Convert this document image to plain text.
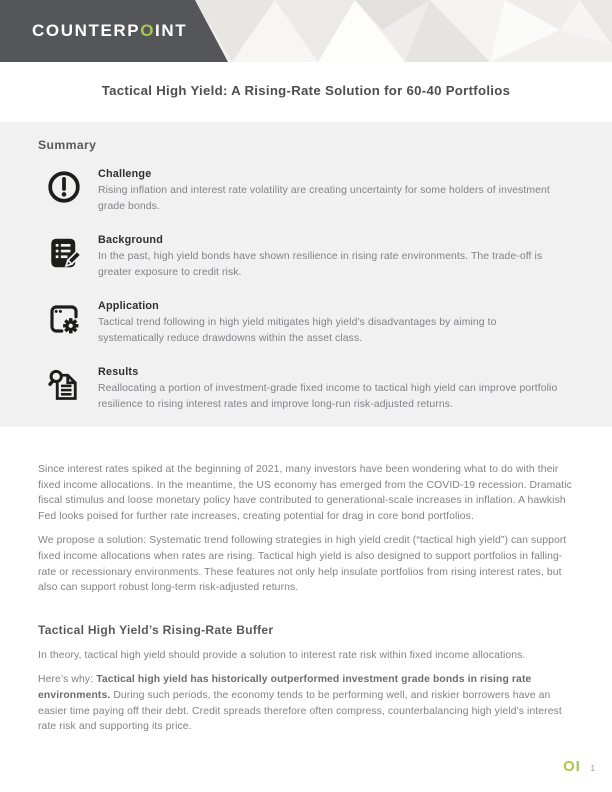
COUNTERPOINT
Tactical High Yield: A Rising-Rate Solution for 60-40 Portfolios
Summary
Challenge

Rising inflation and interest rate volatility are creating uncertainty for some holders of investment grade bonds.

Background

In the past, high yield bonds have shown resilience in rising rate environments. The trade-off is greater exposure to credit risk.

Application

Tactical trend following in high yield mitigates high yield’s disadvantages by aiming to systematically reduce drawdowns within the asset class.

Results

Reallocating a portion of investment-grade fixed income to tactical high yield can improve portfolio resilience to rising interest rates and improve long-run risk-adjusted returns.

Since interest rates spiked at the beginning of 2021, many investors have been wondering what to do with their fixed income allocations. In the meantime, the US economy has emerged from the COVID-19 recession. Dramatic fiscal stimulus and loose monetary policy have contributed to generational-scale increases in inflation. A hawkish Fed looks poised for further rate increases, creating potential for drag in core bond portfolios.

We propose a solution: Systematic trend following strategies in high yield credit (“tactical high yield”) can support fixed income allocations when rates are rising. Tactical high yield is also designed to support portfolios in falling-rate or recessionary environments. These features not only help insulate portfolios from rising interest rates, but also can support robust long-term risk-adjusted returns.

Tactical High Yield’s Rising-Rate Buffer

In theory, tactical high yield should provide a solution to interest rate risk within fixed income allocations.

Here’s why: Tactical high yield has historically outperformed investment grade bonds in rising rate environments. During such periods, the economy tends to be performing well, and riskier borrowers have an easier time paying off their debt. Credit spreads therefore often compress, counterbalancing high yield’s interest rate risk and supporting its price.

OI 1
